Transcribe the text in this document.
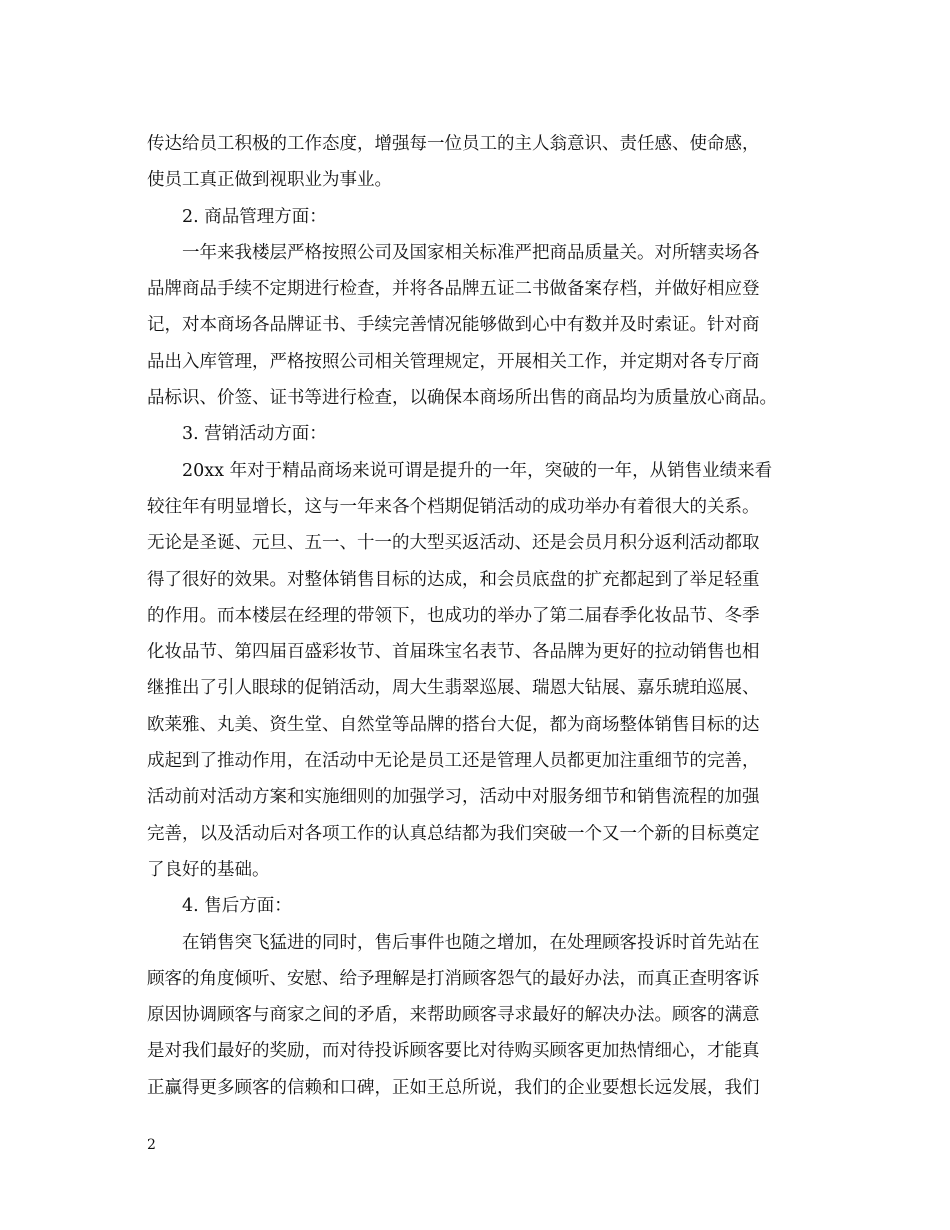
传达给员工积极的工作态度，增强每一位员工的主人翁意识、责任感、使命感，
使员工真正做到视职业为事业。
2. 商品管理方面：
一年来我楼层严格按照公司及国家相关标准严把商品质量关。对所辖卖场各
品牌商品手续不定期进行检查，并将各品牌五证二书做备案存档，并做好相应登
记，对本商场各品牌证书、手续完善情况能够做到心中有数并及时索证。针对商
品出入库管理，严格按照公司相关管理规定，开展相关工作，并定期对各专厅商
品标识、价签、证书等进行检查，以确保本商场所出售的商品均为质量放心商品。
3. 营销活动方面：
20xx 年对于精品商场来说可谓是提升的一年，突破的一年，从销售业绩来看
较往年有明显增长，这与一年来各个档期促销活动的成功举办有着很大的关系。
无论是圣诞、元旦、五一、十一的大型买返活动、还是会员月积分返利活动都取
得了很好的效果。对整体销售目标的达成，和会员底盘的扩充都起到了举足轻重
的作用。而本楼层在经理的带领下，也成功的举办了第二届春季化妆品节、冬季
化妆品节、第四届百盛彩妆节、首届珠宝名表节、各品牌为更好的拉动销售也相
继推出了引人眼球的促销活动，周大生翡翠巡展、瑞恩大钻展、嘉乐琥珀巡展、
欧莱雅、丸美、资生堂、自然堂等品牌的搭台大促，都为商场整体销售目标的达
成起到了推动作用，在活动中无论是员工还是管理人员都更加注重细节的完善，
活动前对活动方案和实施细则的加强学习，活动中对服务细节和销售流程的加强
完善，以及活动后对各项工作的认真总结都为我们突破一个又一个新的目标奠定
了良好的基础。
4. 售后方面：
在销售突飞猛进的同时，售后事件也随之增加，在处理顾客投诉时首先站在
顾客的角度倾听、安慰、给予理解是打消顾客怨气的最好办法，而真正查明客诉
原因协调顾客与商家之间的矛盾，来帮助顾客寻求最好的解决办法。顾客的满意
是对我们最好的奖励，而对待投诉顾客要比对待购买顾客更加热情细心，才能真
正赢得更多顾客的信赖和口碑，正如王总所说，我们的企业要想长远发展，我们
2
